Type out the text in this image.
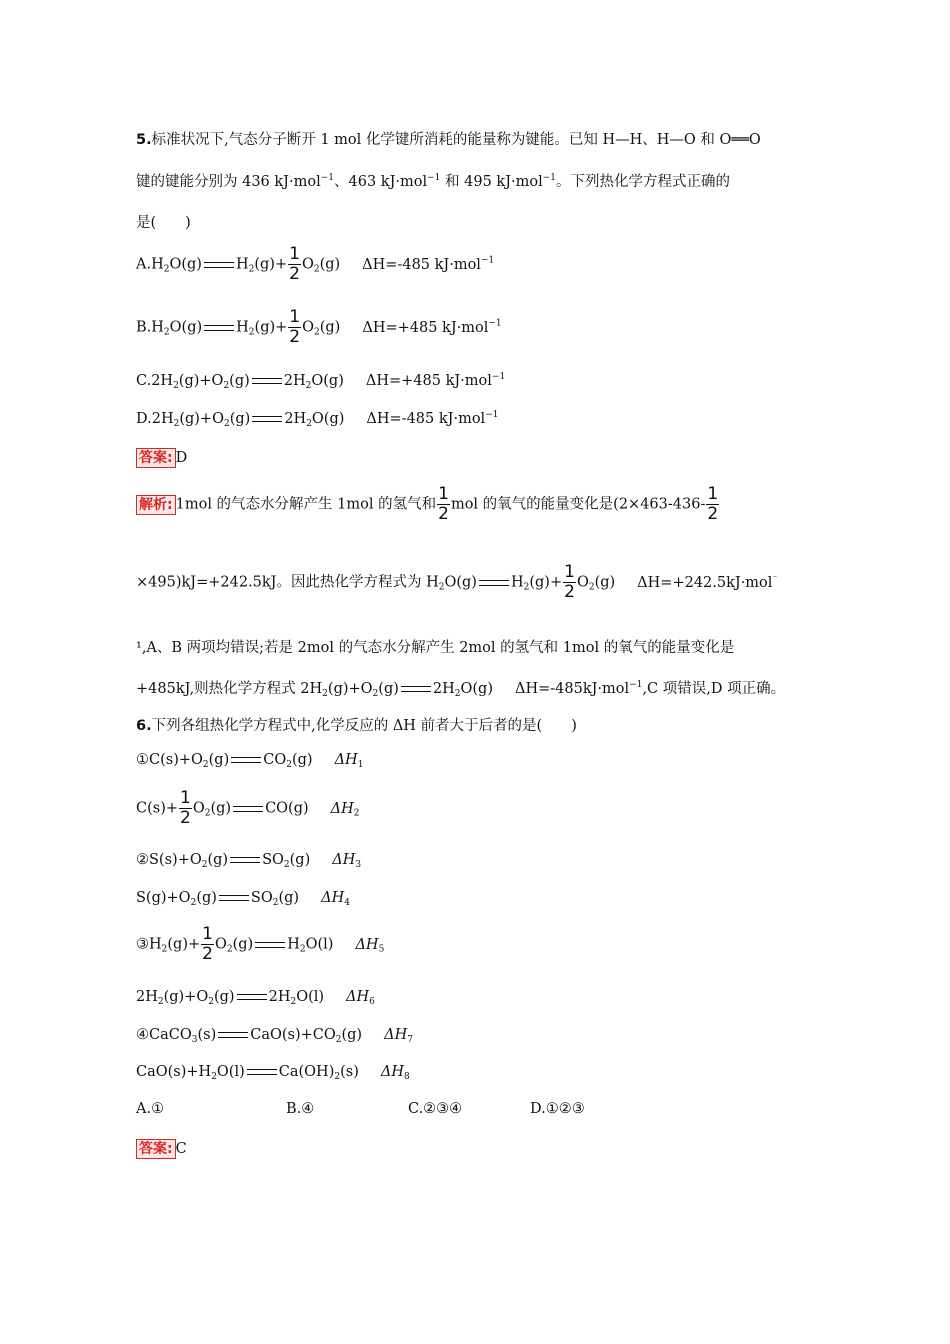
5.标准状况下,气态分子断开 1 mol 化学键所消耗的能量称为键能。已知 H—H、H—O 和 O══O
键的键能分别为 436 kJ·mol$^{-1}$、463 kJ·mol$^{-1}$ 和 495 kJ·mol$^{-1}$。下列热化学方程式正确的
是(　　)
$A.H_2O(g)$ $H_2(g)+ \frac{1}{2} O_2(g)$ ΔH=-485 kJ·mol$^{-1}$
$B.H_2O(g)$ $H_2(g)+ \frac{1}{2} O_2(g)$ ΔH=+485 kJ·mol$^{-1}$
$C.2H_2(g)+O_2(g)$ $2H_2O(g)$ ΔH=+485 kJ·mol$^{-1}$
$D.2H_2(g)+O_2(g)$ $2H_2O(g)$ ΔH=-485 kJ·mol$^{-1}$
答案: D
解析: 1mol 的气态水分解产生 1mol 的氢气和 $\frac{1}{2}$ mol 的氧气的能量变化是($2\times 463-436- \frac{1}{2}$
×495)kJ=+242.5kJ。因此热化学方程式为 $H_2O(g)$ $H_2(g)+ \frac{1}{2} O_2(g)$ ΔH=+242.5kJ·mol⁻
¹,A、B 两项均错误;若是 2mol 的气态水分解产生 2mol 的氢气和 1mol 的氧气的能量变化是
+485kJ,则热化学方程式 $2H_2(g)+O_2(g)$ $2H_2O(g)$ ΔH=-485kJ·mol$^{-1}$,C 项错误,D 项正确。
6.下列各组热化学方程式中,化学反应的 ΔH 前者大于后者的是(　　)
$①C(s)+O_2(g)$ $CO_2(g)$ $\Delta H_1$
$C(s)+ \frac{1}{2} O_2(g)$ CO(g) $\Delta H_2$
$②S(s)+O_2(g)$ $SO_2(g)$ $\Delta H_3$
$S(g)+O_2(g)$ $SO_2(g)$ $\Delta H_4$
$③H_2(g)+ \frac{1}{2} O_2(g)$ $H_2O(l)$ $\Delta H_5$
$2H_2(g)+O_2(g)$ $2H_2O(l)$ $\Delta H_6$
④CaCO$_3$(s) $CaO(s)+CO_2(g)$ $\Delta H_7$
$CaO(s)+H_2O(l)$ $Ca(OH)_2(s)$ $\Delta H_8$
A.①	B.④	C.②③④	D.①②③
答案: C
